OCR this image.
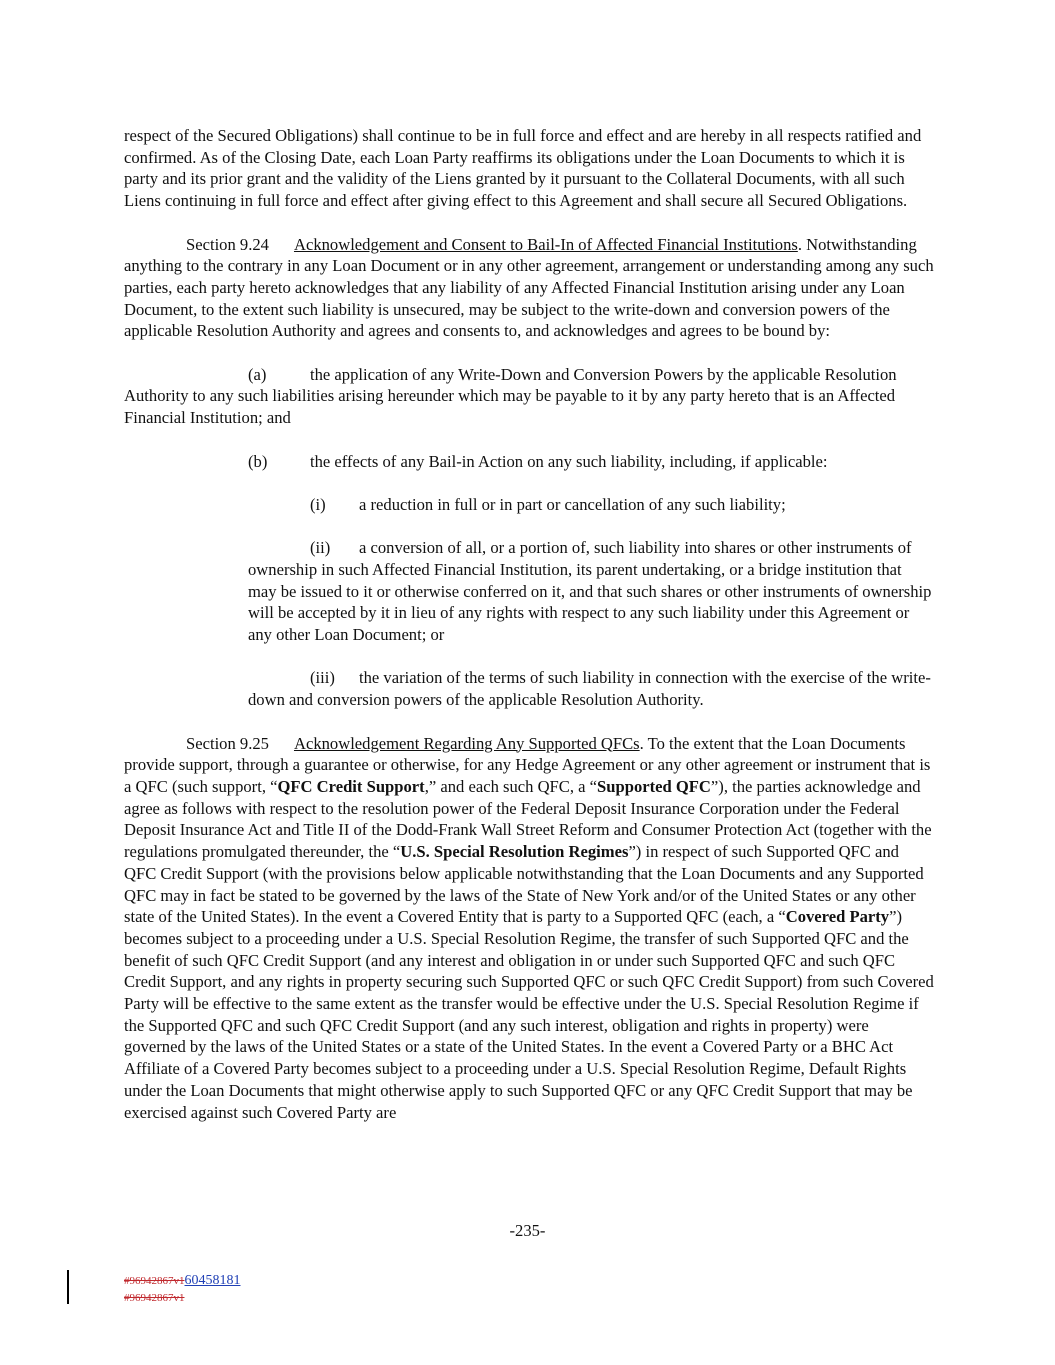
respect of the Secured Obligations) shall continue to be in full force and effect and are hereby in all respects ratified and confirmed. As of the Closing Date, each Loan Party reaffirms its obligations under the Loan Documents to which it is party and its prior grant and the validity of the Liens granted by it pursuant to the Collateral Documents, with all such Liens continuing in full force and effect after giving effect to this Agreement and shall secure all Secured Obligations.

Section 9.24 Acknowledgement and Consent to Bail-In of Affected Financial Institutions. Notwithstanding anything to the contrary in any Loan Document or in any other agreement, arrangement or understanding among any such parties, each party hereto acknowledges that any liability of any Affected Financial Institution arising under any Loan Document, to the extent such liability is unsecured, may be subject to the write-down and conversion powers of the applicable Resolution Authority and agrees and consents to, and acknowledges and agrees to be bound by:

(a)	the application of any Write-Down and Conversion Powers by the applicable Resolution Authority to any such liabilities arising hereunder which may be payable to it by any party hereto that is an Affected Financial Institution; and

(b)	the effects of any Bail-in Action on any such liability, including, if applicable:

(i) a reduction in full or in part or cancellation of any such liability;

(ii) a conversion of all, or a portion of, such liability into shares or other instruments of ownership in such Affected Financial Institution, its parent undertaking, or a bridge institution that may be issued to it or otherwise conferred on it, and that such shares or other instruments of ownership will be accepted by it in lieu of any rights with respect to any such liability under this Agreement or any other Loan Document; or

(iii) the variation of the terms of such liability in connection with the exercise of the write-down and conversion powers of the applicable Resolution Authority.

Section 9.25 Acknowledgement Regarding Any Supported QFCs. To the extent that the Loan Documents provide support, through a guarantee or otherwise, for any Hedge Agreement or any other agreement or instrument that is a QFC (such support, “QFC Credit Support,” and each such QFC, a “Supported QFC”), the parties acknowledge and agree as follows with respect to the resolution power of the Federal Deposit Insurance Corporation under the Federal Deposit Insurance Act and Title II of the Dodd-Frank Wall Street Reform and Consumer Protection Act (together with the regulations promulgated thereunder, the “U.S. Special Resolution Regimes”) in respect of such Supported QFC and QFC Credit Support (with the provisions below applicable notwithstanding that the Loan Documents and any Supported QFC may in fact be stated to be governed by the laws of the State of New York and/or of the United States or any other state of the United States). In the event a Covered Entity that is party to a Supported QFC (each, a “Covered Party”) becomes subject to a proceeding under a U.S. Special Resolution Regime, the transfer of such Supported QFC and the benefit of such QFC Credit Support (and any interest and obligation in or under such Supported QFC and such QFC Credit Support, and any rights in property securing such Supported QFC or such QFC Credit Support) from such Covered Party will be effective to the same extent as the transfer would be effective under the U.S. Special Resolution Regime if the Supported QFC and such QFC Credit Support (and any such interest, obligation and rights in property) were governed by the laws of the United States or a state of the United States. In the event a Covered Party or a BHC Act Affiliate of a Covered Party becomes subject to a proceeding under a U.S. Special Resolution Regime, Default Rights under the Loan Documents that might otherwise apply to such Supported QFC or any QFC Credit Support that may be exercised against such Covered Party are

-235-
#96942867v160458181
#96942867v1
